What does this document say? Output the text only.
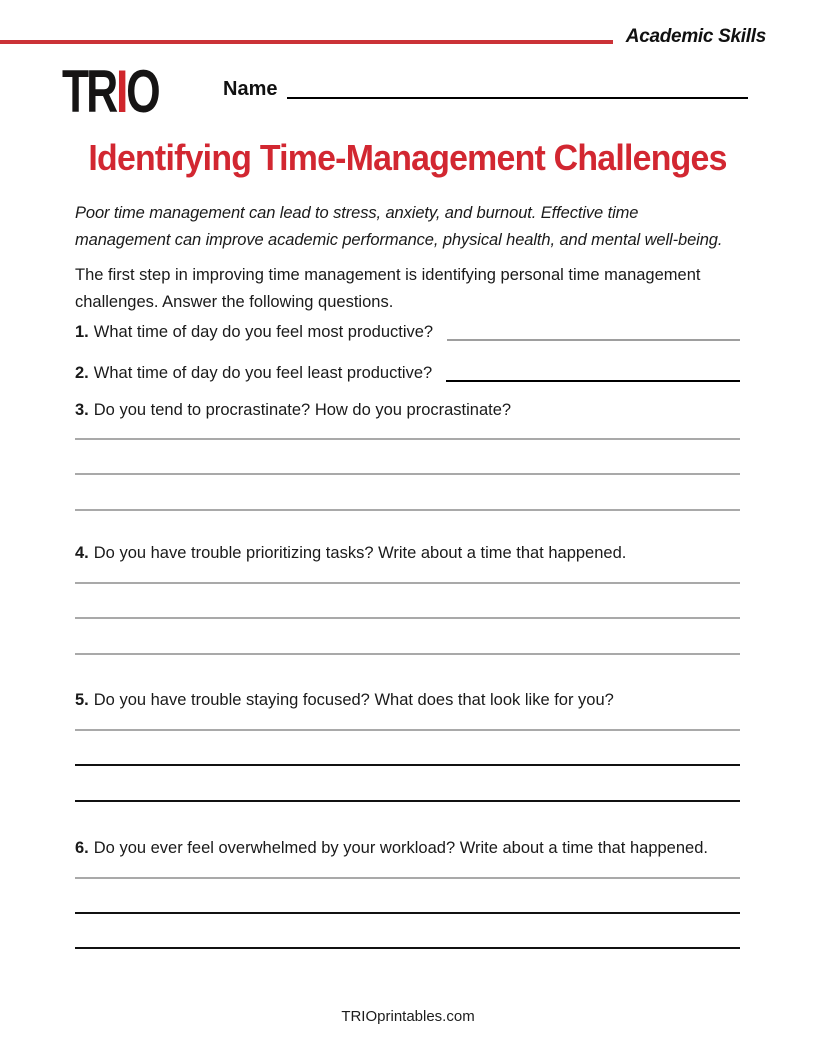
Academic Skills
TRIO	Name
Identifying Time-Management Challenges
Poor time management can lead to stress, anxiety, and burnout. Effective time management can improve academic performance, physical health, and mental well-being.
The first step in improving time management is identifying personal time management challenges. Answer the following questions.
1. What time of day do you feel most productive?
2. What time of day do you feel least productive?
3. Do you tend to procrastinate? How do you procrastinate?
4. Do you have trouble prioritizing tasks? Write about a time that happened.
5. Do you have trouble staying focused? What does that look like for you?
6. Do you ever feel overwhelmed by your workload? Write about a time that happened.
TRIOprintables.com
